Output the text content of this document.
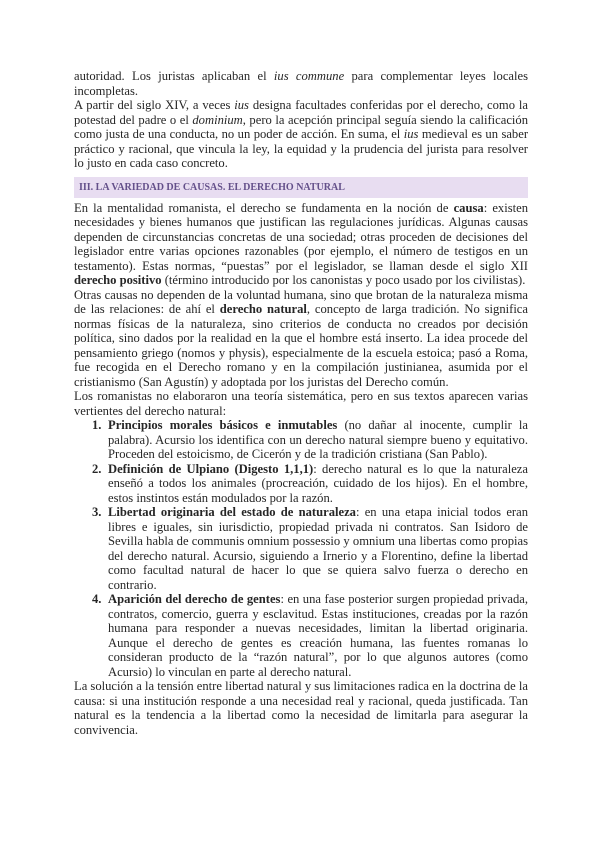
autoridad. Los juristas aplicaban el ius commune para complementar leyes locales incompletas.

A partir del siglo XIV, a veces ius designa facultades conferidas por el derecho, como la potestad del padre o el dominium, pero la acepción principal seguía siendo la calificación como justa de una conducta, no un poder de acción. En suma, el ius medieval es un saber práctico y racional, que vincula la ley, la equidad y la prudencia del jurista para resolver lo justo en cada caso concreto.

III. LA VARIEDAD DE CAUSAS. EL DERECHO NATURAL

En la mentalidad romanista, el derecho se fundamenta en la noción de causa: existen necesidades y bienes humanos que justifican las regulaciones jurídicas. Algunas causas dependen de circunstancias concretas de una sociedad; otras proceden de decisiones del legislador entre varias opciones razonables (por ejemplo, el número de testigos en un testamento). Estas normas, “puestas” por el legislador, se llaman desde el siglo XII derecho positivo (término introducido por los canonistas y poco usado por los civilistas).

Otras causas no dependen de la voluntad humana, sino que brotan de la naturaleza misma de las relaciones: de ahí el derecho natural, concepto de larga tradición. No significa normas físicas de la naturaleza, sino criterios de conducta no creados por decisión política, sino dados por la realidad en la que el hombre está inserto. La idea procede del pensamiento griego (nomos y physis), especialmente de la escuela estoica; pasó a Roma, fue recogida en el Derecho romano y en la compilación justinianea, asumida por el cristianismo (San Agustín) y adoptada por los juristas del Derecho común.

Los romanistas no elaboraron una teoría sistemática, pero en sus textos aparecen varias vertientes del derecho natural:

1. Principios morales básicos e inmutables (no dañar al inocente, cumplir la palabra). Acursio los identifica con un derecho natural siempre bueno y equitativo. Proceden del estoicismo, de Cicerón y de la tradición cristiana (San Pablo).
2. Definición de Ulpiano (Digesto 1,1,1): derecho natural es lo que la naturaleza enseñó a todos los animales (procreación, cuidado de los hijos). En el hombre, estos instintos están modulados por la razón.
3. Libertad originaria del estado de naturaleza: en una etapa inicial todos eran libres e iguales, sin iurisdictio, propiedad privada ni contratos. San Isidoro de Sevilla habla de communis omnium possessio y omnium una libertas como propias del derecho natural. Acursio, siguiendo a Irnerio y a Florentino, define la libertad como facultad natural de hacer lo que se quiera salvo fuerza o derecho en contrario.
4. Aparición del derecho de gentes: en una fase posterior surgen propiedad privada, contratos, comercio, guerra y esclavitud. Estas instituciones, creadas por la razón humana para responder a nuevas necesidades, limitan la libertad originaria. Aunque el derecho de gentes es creación humana, las fuentes romanas lo consideran producto de la “razón natural”, por lo que algunos autores (como Acursio) lo vinculan en parte al derecho natural.

La solución a la tensión entre libertad natural y sus limitaciones radica en la doctrina de la causa: si una institución responde a una necesidad real y racional, queda justificada. Tan natural es la tendencia a la libertad como la necesidad de limitarla para asegurar la convivencia.
